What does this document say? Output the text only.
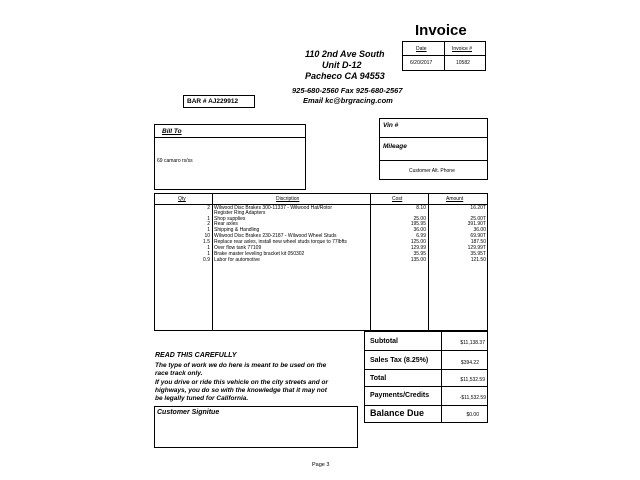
Invoice
110 2nd Ave South
Unit D-12
Pacheco CA 94553
925-680-2560 Fax 925-680-2567
Email kc@brgracing.com
Date	Invoice #
6/20/2017	10582
BAR # AJ229912
Bill To
69 camaro rs/ss
Vin #
Mileage
Customer Alt. Phone
Qty	Discription	Cost	Amount
2 Wilwood Disc Brakes 300-11337 - Wilwood Hat/Rotor	8.10	16.20T
Register Ring Adapters
1 Shop supplies	25.00	25.00T
2 Rear axles	195.95	391.90T
1 Shipping & Handling	36.00	36.00
10 Wilwood Disc Brakes 230-2187 - Wilwood Wheel Studs	6.99	69.90T
1.5 Replace rear axles, install new wheel studs torque to 77lbfts	125.00	187.50
1 Over flow tank 77109	129.99	129.99T
1 Brake master leveling bracket kit 050302	35.95	35.95T
0.9 Labor for automotive	135.00	121.50
Subtotal	$11,138.37
Sales Tax (8.25%)	$394.22
Total	$11,532.59
Payments/Credits	-$11,532.59
Balance Due	$0.00
READ THIS CAREFULLY
The type of work we do here is meant to be used on the
race track only.
If you drive or ride this vehicle on the city streets and or
highways, you do so with the knowledge that it may not
be legally tuned for California.
Customer Signitue
Page 3
